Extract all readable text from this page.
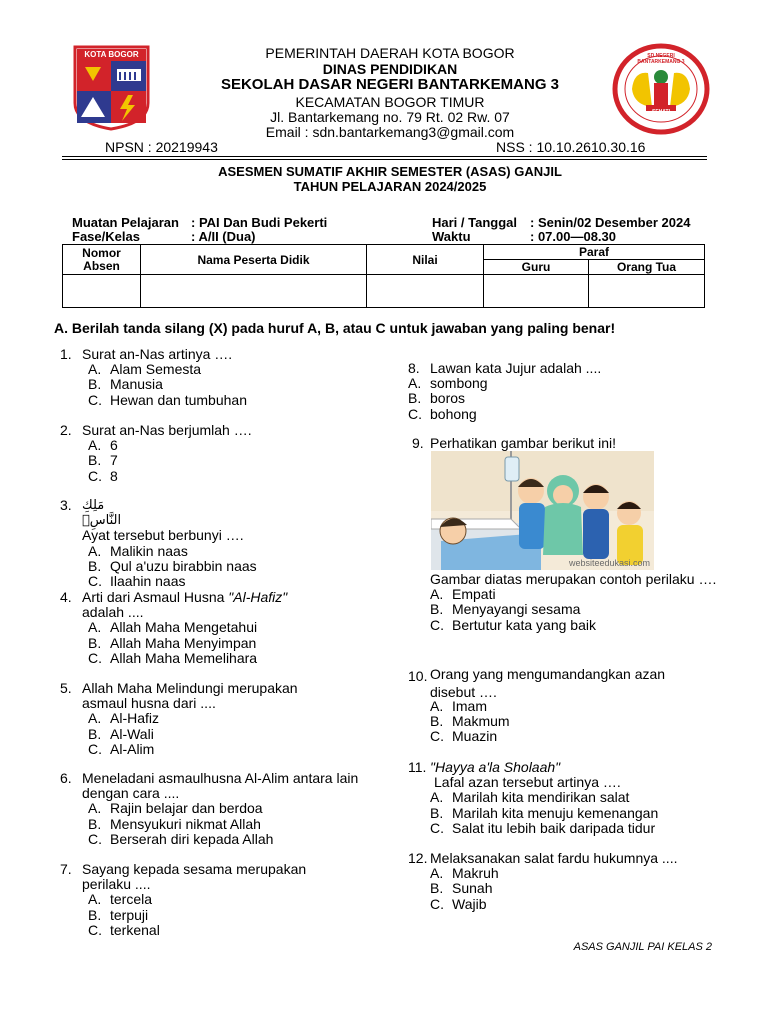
KOTA BOGOR	SD NEGERI BANTARKEMANG 3
SEHATI
PEMERINTAH DAERAH KOTA BOGOR
DINAS PENDIDIKAN
SEKOLAH DASAR NEGERI BANTARKEMANG 3
KECAMATAN BOGOR TIMUR
Jl. Bantarkemang no. 79 Rt. 02 Rw. 07
Email : sdn.bantarkemang3@gmail.com
NPSN : 20219943	NSS : 10.10.2610.30.16
ASESMEN SUMATIF AKHIR SEMESTER (ASAS) GANJIL
TAHUN PELAJARAN 2024/2025
Muatan Pelajaran : PAI Dan Budi Pekerti
Fase/Kelas	: A/II (Dua)
Hari / Tanggal : Senin/02 Desember 2024
Waktu	: 07.00—08.30
Nomor Absen	Nama Peserta Didik	Nilai	Paraf	
			Guru	Orang Tua

A. Berilah tanda silang (X) pada huruf A, B, atau C untuk jawaban yang paling benar!
1. Surat an-Nas artinya ….
A. Alam Semesta
B. Manusia
C. Hewan dan tumbuhan
2. Surat an-Nas berjumlah ….
A. 6
B. 7
C. 8
3. مَلِكِ النَّاسِۙ
Ayat tersebut berbunyi ….
A. Malikin naas
B. Qul a'uzu birabbin naas
C. Ilaahin naas
4. Arti dari Asmaul Husna "Al-Hafiz"
adalah ....
A. Allah Maha Mengetahui
B. Allah Maha Menyimpan
C. Allah Maha Memelihara
5. Allah Maha Melindungi merupakan asmaul husna dari ....
A. Al-Hafiz
B. Al-Wali
C. Al-Alim
6. Meneladani asmaulhusna Al-Alim antara lain dengan cara ....
A. Rajin belajar dan berdoa
B. Mensyukuri nikmat Allah
C. Berserah diri kepada Allah
7. Sayang kepada sesama merupakan perilaku ....
A. tercela
B. terpuji
C. terkenal
8. Lawan kata Jujur adalah ....
A. sombong
B. boros
C. bohong
9. Perhatikan gambar berikut ini!
websiteedukasi.com
Gambar diatas merupakan contoh perilaku ….
A. Empati
B. Menyayangi sesama
C. Bertutur kata yang baik
10. Orang yang mengumandangkan azan disebut ….
A. Imam
B. Makmum
C. Muazin
11. "Hayya a'la Sholaah"
Lafal azan tersebut artinya ….
A. Marilah kita mendirikan salat
B. Marilah kita menuju kemenangan
C. Salat itu lebih baik daripada tidur
12. Melaksanakan salat fardu hukumnya ....
A. Makruh
B. Sunah
C. Wajib
ASAS GANJIL PAI KELAS 2
